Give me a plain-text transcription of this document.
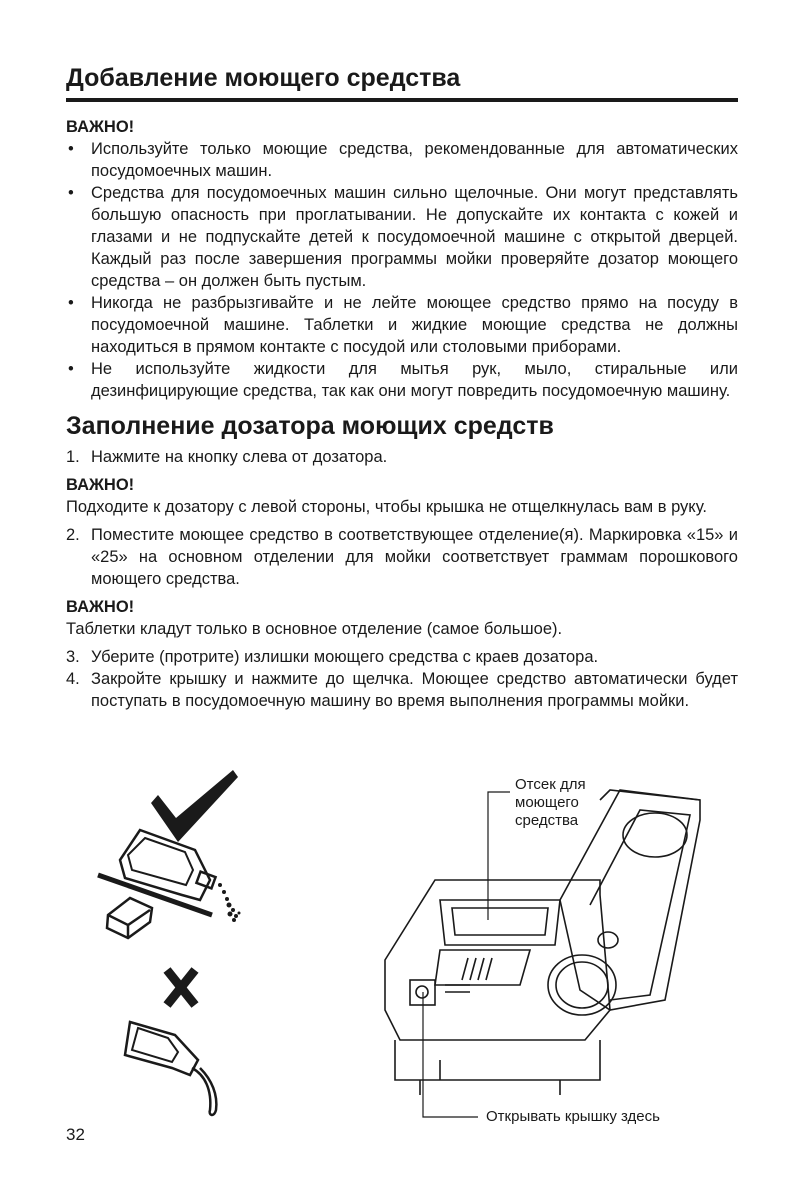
Добавление моющего средства

ВАЖНО!

• Используйте только моющие средства, рекомендованные для автоматических посудомоечных машин.
• Средства для посудомоечных машин сильно щелочные. Они могут представлять большую опасность при проглатывании. Не допускайте их контакта с кожей и глазами и не подпускайте детей к посудомоечной машине с открытой дверцей. Каждый раз после завершения программы мойки проверяйте дозатор моющего средства – он должен быть пустым.
• Никогда не разбрызгивайте и не лейте моющее средство прямо на посуду в посудомоечной машине. Таблетки и жидкие моющие средства не должны находиться в прямом контакте с посудой или столовыми приборами.
• Не используйте жидкости для мытья рук, мыло, стиральные или дезинфицирующие средства, так как они могут повредить посудомоечную машину.
Заполнение дозатора моющих средств
1. Нажмите на кнопку слева от дозатора.

ВАЖНО!

Подходите к дозатору с левой стороны, чтобы крышка не отщелкнулась вам в руку.

2. Поместите моющее средство в соответствующее отделение(я). Маркировка «15» и «25» на основном отделении для мойки соответствует граммам порошкового моющего средства.

ВАЖНО!

Таблетки кладут только в основное отделение (самое большое).

3. Уберите (протрите) излишки моющего средства с краев дозатора.
4. Закройте крышку и нажмите до щелчка. Моющее средство автоматически будет поступать в посудомоечную машину во время выполнения программы мойки.
Отсек для
моющего
средства
Открывать крышку здесь
32
